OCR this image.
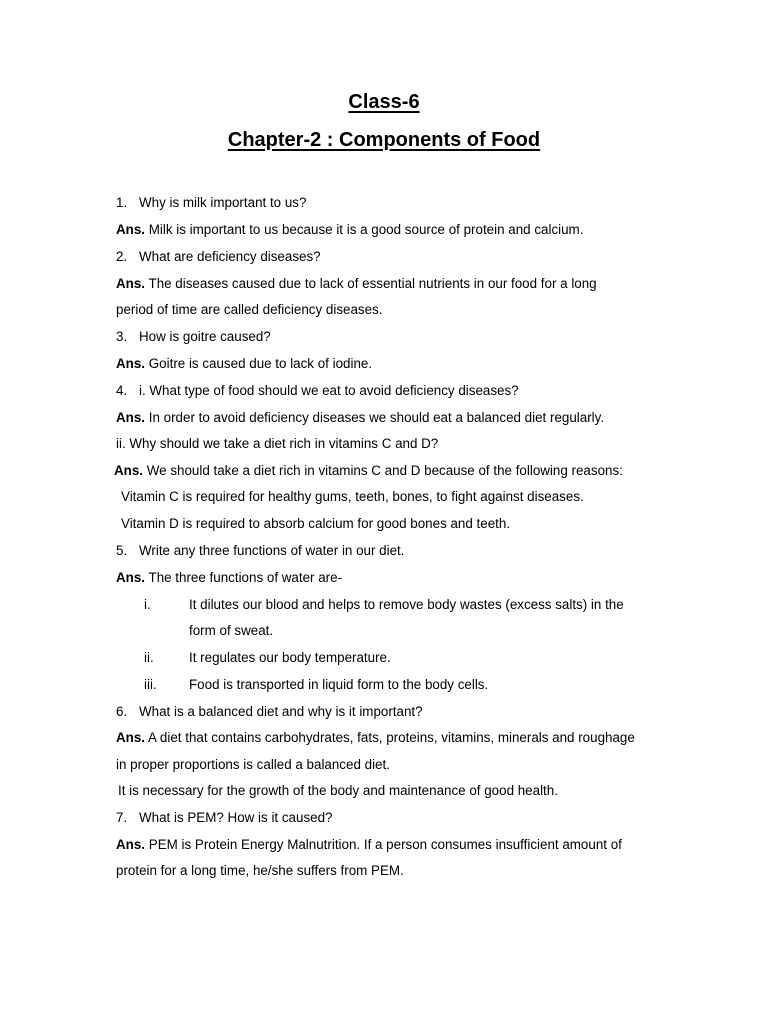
Class-6
Chapter-2 : Components of Food
1. Why is milk important to us?
Ans. Milk is important to us because it is a good source of protein and calcium.
2. What are deficiency diseases?
Ans. The diseases caused due to lack of essential nutrients in our food for a long
period of time are called deficiency diseases.
3. How is goitre caused?
Ans. Goitre is caused due to lack of iodine.
4. i. What type of food should we eat to avoid deficiency diseases?
Ans. In order to avoid deficiency diseases we should eat a balanced diet regularly.
ii. Why should we take a diet rich in vitamins C and D?
Ans. We should take a diet rich in vitamins C and D because of the following reasons:
Vitamin C is required for healthy gums, teeth, bones, to fight against diseases.
Vitamin D is required to absorb calcium for good bones and teeth.
5. Write any three functions of water in our diet.
Ans. The three functions of water are-
i.	It dilutes our blood and helps to remove body wastes (excess salts) in the
form of sweat.
ii.	It regulates our body temperature.
iii. Food is transported in liquid form to the body cells.
6. What is a balanced diet and why is it important?
Ans. A diet that contains carbohydrates, fats, proteins, vitamins, minerals and roughage
in proper proportions is called a balanced diet.
It is necessary for the growth of the body and maintenance of good health.
7. What is PEM? How is it caused?
Ans. PEM is Protein Energy Malnutrition. If a person consumes insufficient amount of
protein for a long time, he/she suffers from PEM.
